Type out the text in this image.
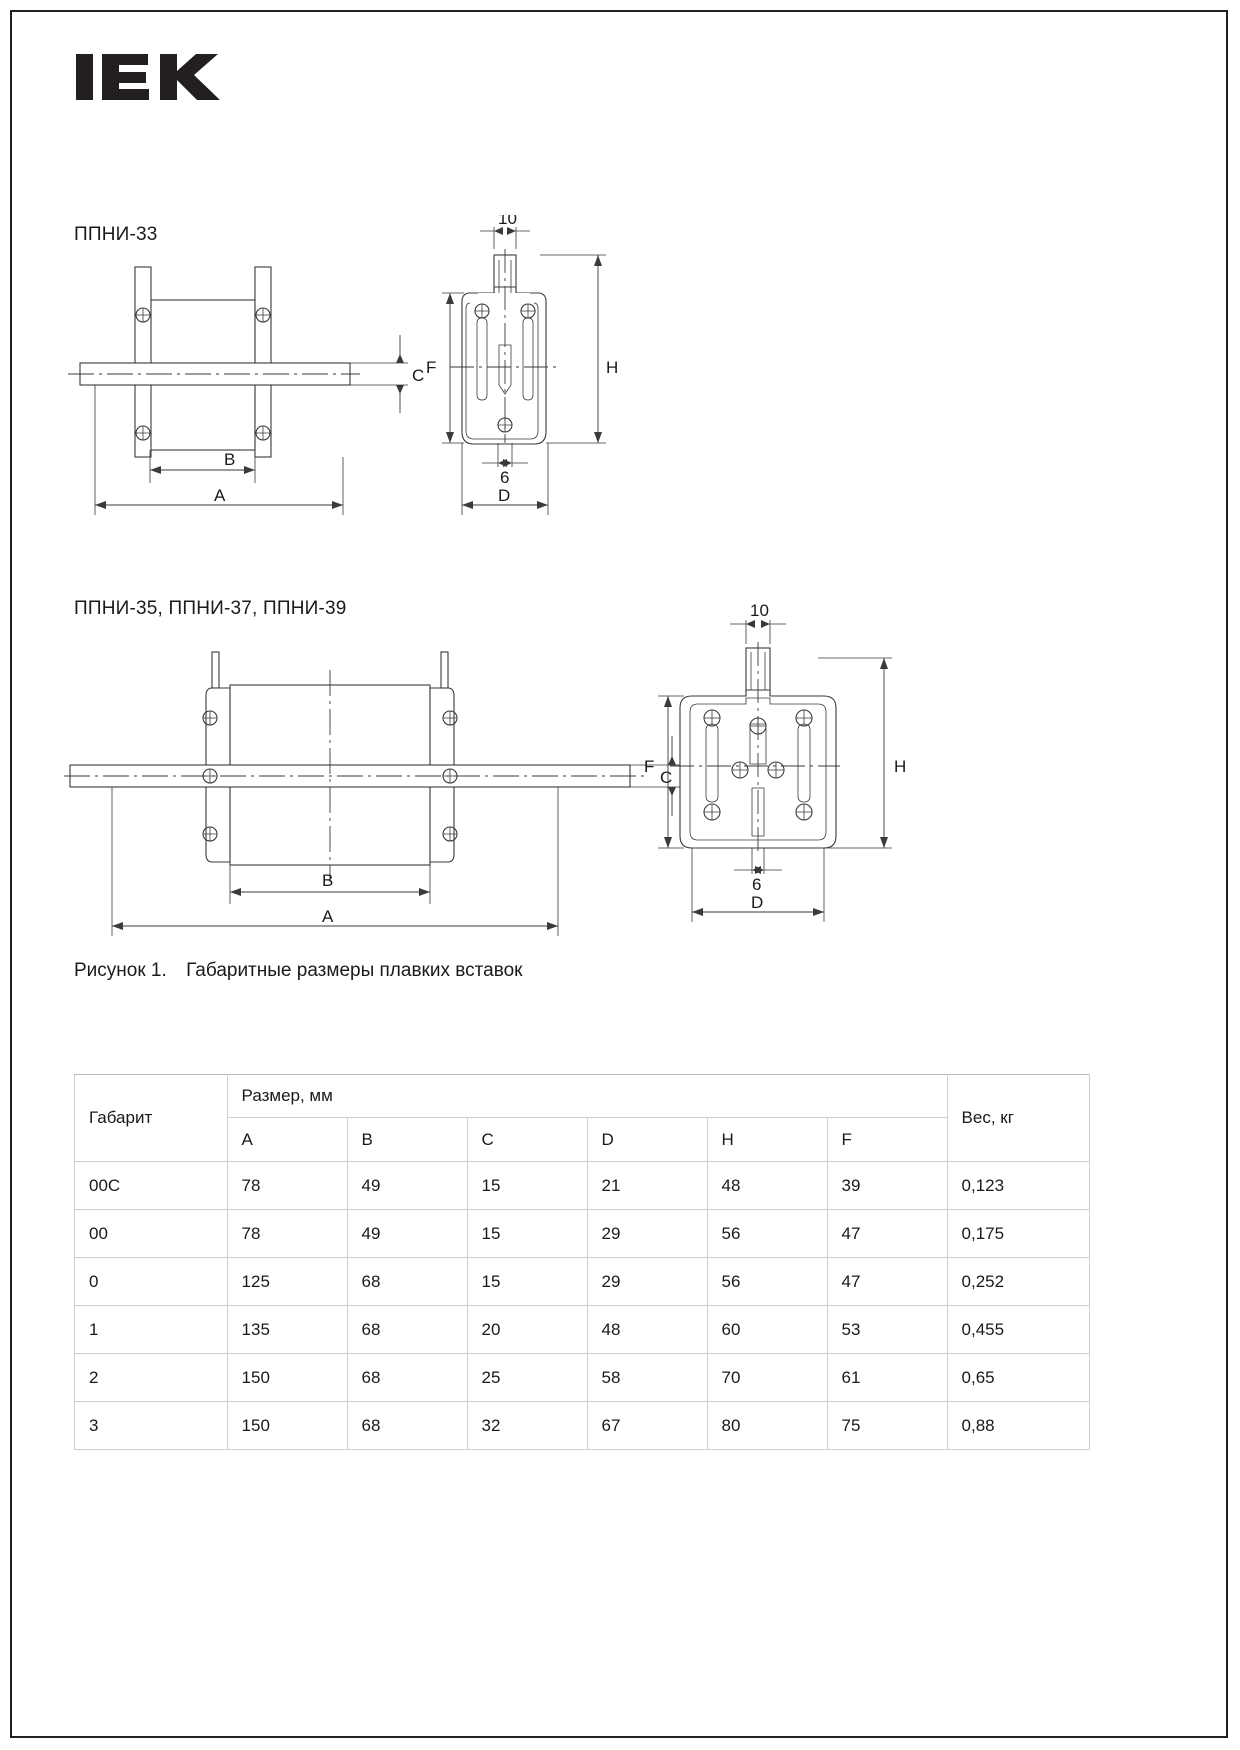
ППНИ-33
ППНИ-35, ППНИ-37, ППНИ-39
B
A
C
10
F	H
6
D
B
A
C
10
F	H
6
D
Рисунок 1. Габаритные размеры плавких вставок
Габарит	Размер, мм						Вес, кг
	A	B	C	D	H	F	
00C	78	49	15	21	48	39	0,123
00	78	49	15	29	56	47	0,175
0	125	68	15	29	56	47	0,252
1	135	68	20	48	60	53	0,455
2	150	68	25	58	70	61	0,65
3	150	68	32	67	80	75	0,88
